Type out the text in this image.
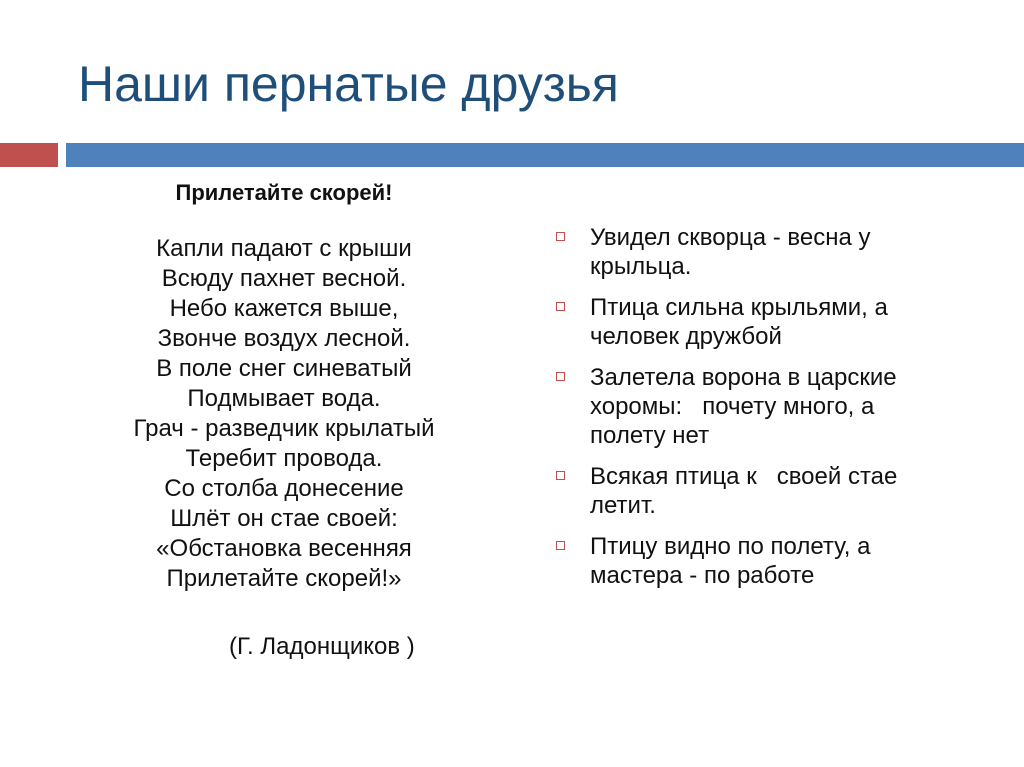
Наши пернатые друзья
Прилетайте скорей!
Капли падают с крыши
Всюду пахнет весной.
Небо кажется выше,
Звонче воздух лесной.
В поле снег синеватый
Подмывает вода.
Грач - разведчик крылатый
Теребит провода.
Со столба донесение
Шлёт он стае своей:
«Обстановка весенняя
Прилетайте скорей!»
(Г. Ладонщиков )
Увидел скворца - весна у
крыльца.
Птица сильна крыльями, а
человек дружбой
Залетела ворона в царские
хоромы:   почету много, а
полету нет
Всякая птица к   своей стае
летит.
Птицу видно по полету, а
мастера - по работе
